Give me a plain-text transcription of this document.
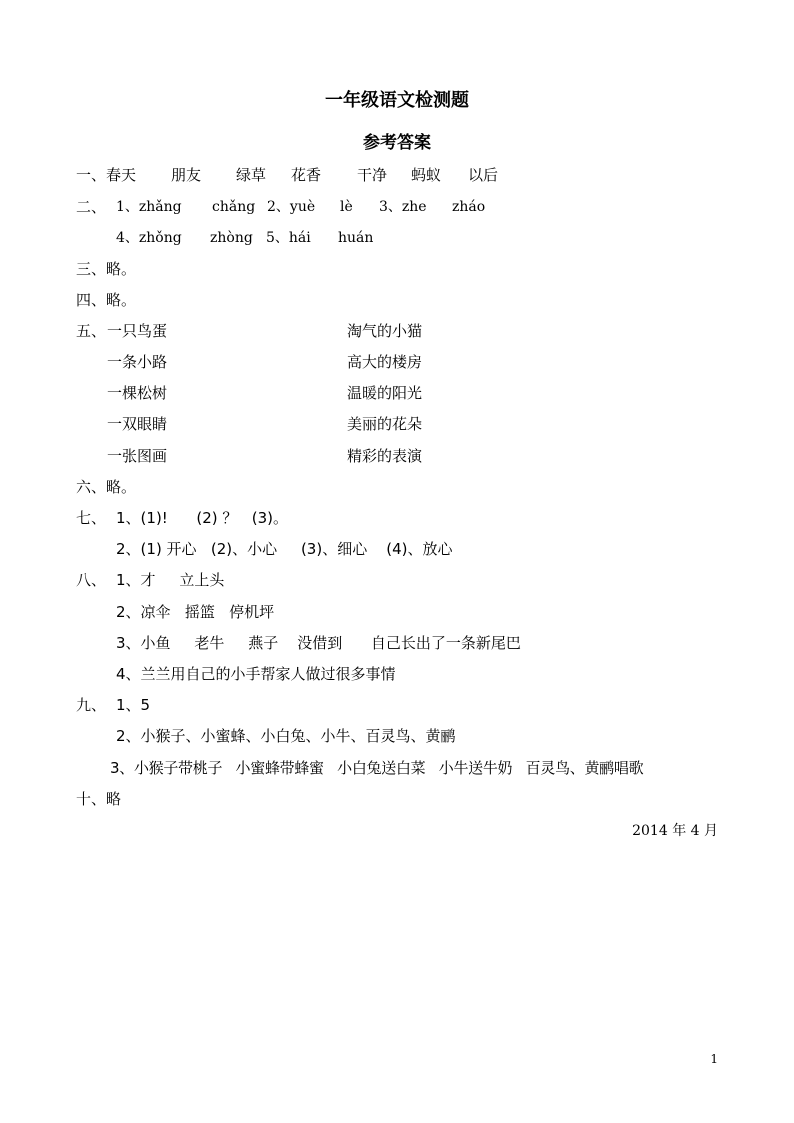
一年级语文检测题
参考答案
一、春天 朋友 绿草 花香 干净 蚂蚁 以后
二、 1、zhǎng chǎng 2、yuè lè 3、zhe zháo
4、zhǒng zhòng 5、hái huán
三、略。
四、略。
五、 一只鸟蛋	淘气的小猫
一条小路	高大的楼房
一棵松树	温暖的阳光
一双眼睛	美丽的花朵
一张图画	精彩的表演
六、略。
七、 1、(1)!      (2) ？   (3)。
2、(1) 开心   (2)、小心     (3)、细心    (4)、放心
八、 1、才     立上头
2、凉伞   摇篮   停机坪
3、小鱼     老牛     燕子    没借到      自己长出了一条新尾巴
4、兰兰用自己的小手帮家人做过很多事情
九、 1、5
2、小猴子、小蜜蜂、小白兔、小牛、百灵鸟、黄鹂
3、小猴子带桃子   小蜜蜂带蜂蜜   小白兔送白菜   小牛送牛奶   百灵鸟、黄鹂唱歌
十、略
2014 年 4 月
1
